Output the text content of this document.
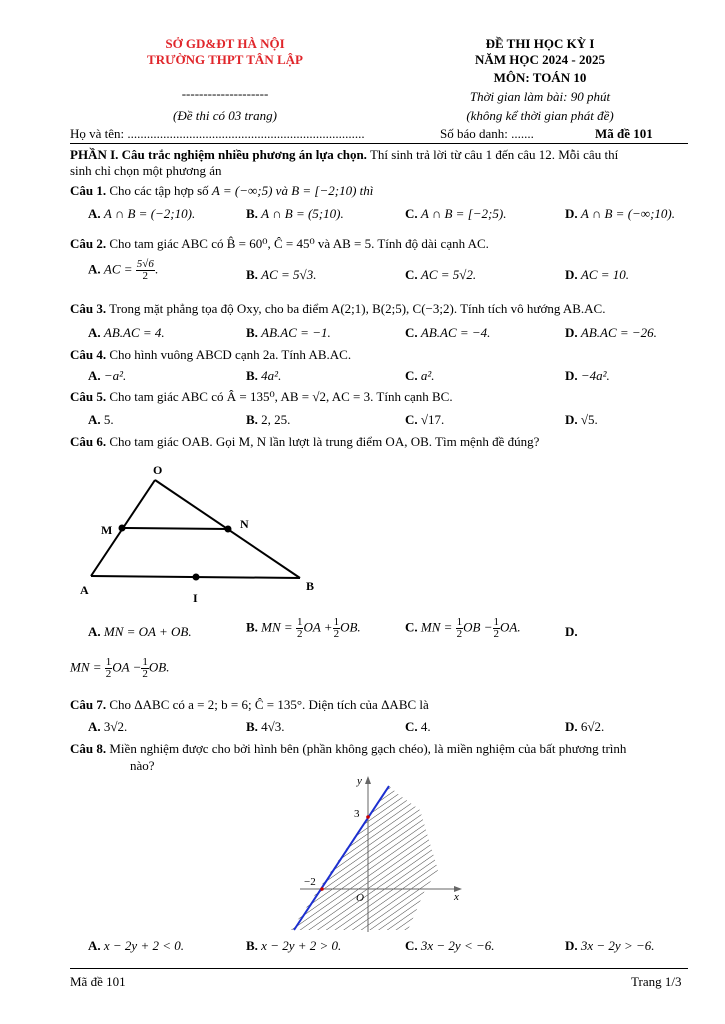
SỞ GD&ĐT HÀ NỘI
TRƯỜNG THPT TÂN LẬP
--------------------
(Đề thi có 03 trang)
ĐỀ THI HỌC KỲ I
NĂM HỌC 2024 - 2025
MÔN: TOÁN 10
Thời gian làm bài: 90 phút
(không kể thời gian phát đề)
Họ và tên: .........................................................................	Số báo danh: .......	Mã đề 101
PHẦN I. Câu trắc nghiệm nhiều phương án lựa chọn. Thí sinh trả lời từ câu 1 đến câu 12. Mỗi câu thí
sinh chỉ chọn một phương án
Câu 1. Cho các tập hợp số A = (−∞;5) và B = [−2;10) thì
A. A ∩ B = (−2;10).	B. A ∩ B = (5;10).	C. A ∩ B = [−2;5).	D. A ∩ B = (−∞;10).
Câu 2. Cho tam giác ABC có B̂ = 60⁰, Ĉ = 45⁰ và AB = 5. Tính độ dài cạnh AC.
A. AC = $\frac{5√6}{2}$ .	B. AC = 5√3.	C. AC = 5√2.	D. AC = 10.
Câu 3. Trong mặt phẳng tọa độ Oxy, cho ba điểm A(2;1), B(2;5), C(−3;2). Tính tích vô hướng AB.AC.
A. AB.AC = 4.	B. AB.AC = −1.	C. AB.AC = −4.	D. AB.AC = −26.
Câu 4. Cho hình vuông ABCD cạnh 2a. Tính AB.AC.
A. −a².	B. 4a².	C. a².	D. −4a².
Câu 5. Cho tam giác ABC có Â = 135⁰, AB = √2, AC = 3. Tính cạnh BC.
A. 5.	B. 2, 25.	C. √17.	D. √5.
Câu 6. Cho tam giác OAB. Gọi M, N lần lượt là trung điểm OA, OB. Tìm mệnh đề đúng?
O
M	N
A	B
I
A. MN = OA + OB.	B. MN = $\frac{1}{2}$ OA + $\frac{1}{2}$ OB.	C. MN = $\frac{1}{2}$ OB − $\frac{1}{2}$ OA.	D.
MN = $\frac{1}{2}$ OA − $\frac{1}{2}$ OB.
Câu 7. Cho ΔABC có a = 2; b = 6; Ĉ = 135°. Diện tích của ΔABC là
A. 3√2.	B. 4√3.	C. 4.	D. 6√2.
Câu 8. Miền nghiệm được cho bởi hình bên (phần không gạch chéo), là miền nghiệm của bất phương trình
nào?
y
x
3
−2
O
A. x − 2y + 2 < 0.	B. x − 2y + 2 > 0.	C. 3x − 2y < −6.	D. 3x − 2y > −6.
Mã đề 101	Trang 1/3
